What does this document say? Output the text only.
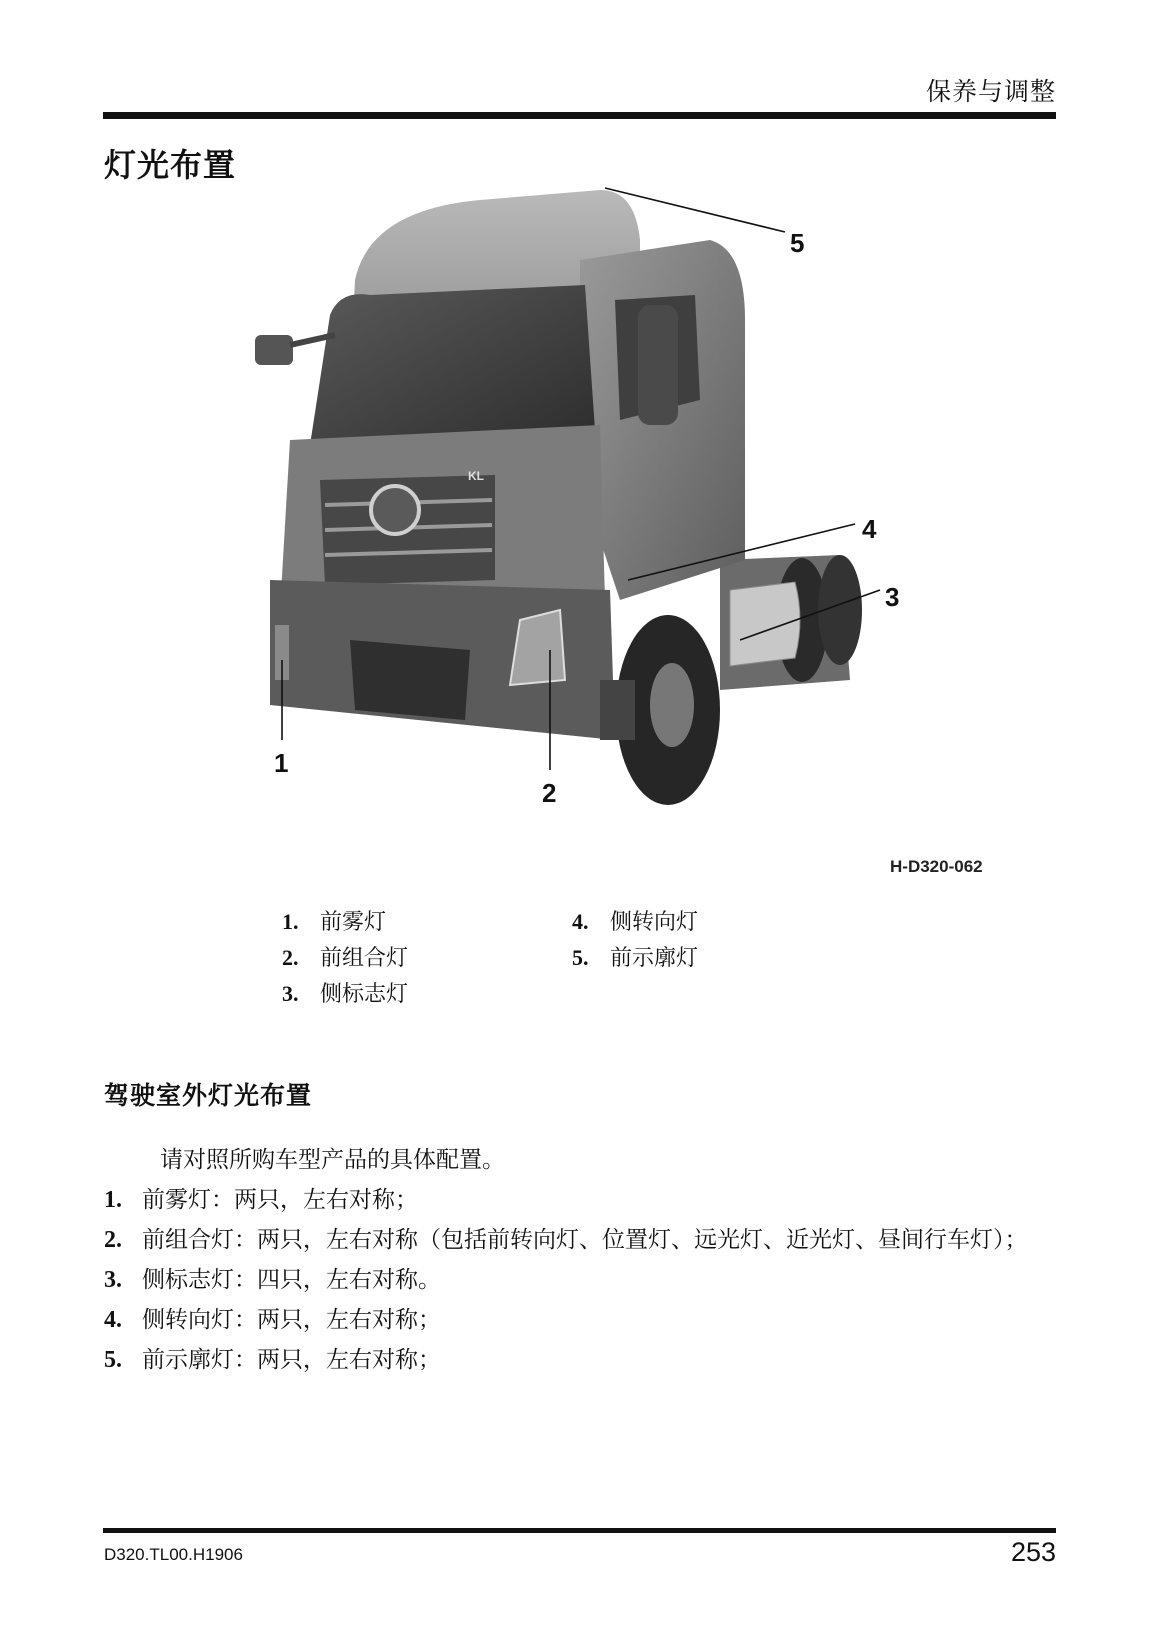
保养与调整
灯光布置
KL
5
4
3
1
2
H-D320-062
1. 前雾灯
2. 前组合灯
3. 侧标志灯
4. 侧转向灯
5. 前示廓灯
驾驶室外灯光布置
请对照所购车型产品的具体配置。
1. 前雾灯：两只，左右对称；
2. 前组合灯：两只，左右对称（包括前转向灯、位置灯、远光灯、近光灯、昼间行车灯）；
3. 侧标志灯：四只，左右对称。
4. 侧转向灯：两只，左右对称；
5. 前示廓灯：两只，左右对称；
D320.TL00.H1906	253
